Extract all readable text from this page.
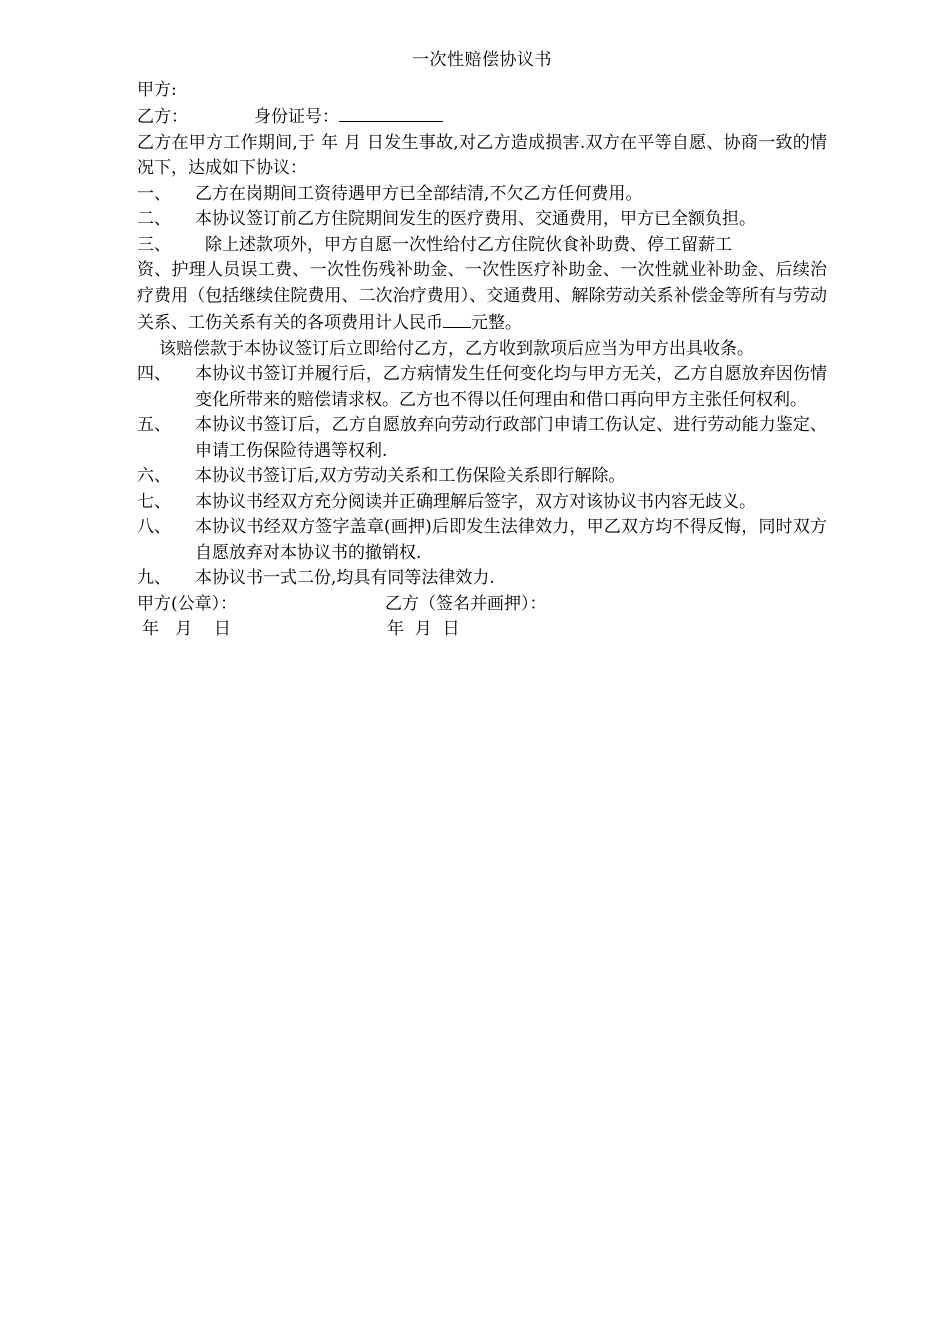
一次性赔偿协议书
甲方:
乙方：	身份证号：
乙方在甲方工作期间,于 年 月 日发生事故,对乙方造成损害.双方在平等自愿、协商一致的情况下，达成如下协议：
一、	乙方在岗期间工资待遇甲方已全部结清,不欠乙方任何费用。
二、	本协议签订前乙方住院期间发生的医疗费用、交通费用，甲方已全额负担。
三、	除上述款项外，甲方自愿一次性给付乙方住院伙食补助费、停工留薪工
资、护理人员误工费、一次性伤残补助金、一次性医疗补助金、一次性就业补助金、后续治疗费用（包括继续住院费用、二次治疗费用）、交通费用、解除劳动关系补偿金等所有与劳动关系、工伤关系有关的各项费用计人民币 元整。
该赔偿款于本协议签订后立即给付乙方，乙方收到款项后应当为甲方出具收条。
四、	本协议书签订并履行后，乙方病情发生任何变化均与甲方无关，乙方自愿放弃因伤情变化所带来的赔偿请求权。乙方也不得以任何理由和借口再向甲方主张任何权利。
五、	本协议书签订后，乙方自愿放弃向劳动行政部门申请工伤认定、进行劳动能力鉴定、申请工伤保险待遇等权利.
六、	本协议书签订后,双方劳动关系和工伤保险关系即行解除。
七、	本协议书经双方充分阅读并正确理解后签字，双方对该协议书内容无歧义。
八、	本协议书经双方签字盖章(画押)后即发生法律效力，甲乙双方均不得反悔，同时双方自愿放弃对本协议书的撤销权.
九、	本协议书一式二份,均具有同等法律效力.
甲方(公章）：	乙方（签名并画押）：
年   月    日	年  月  日
